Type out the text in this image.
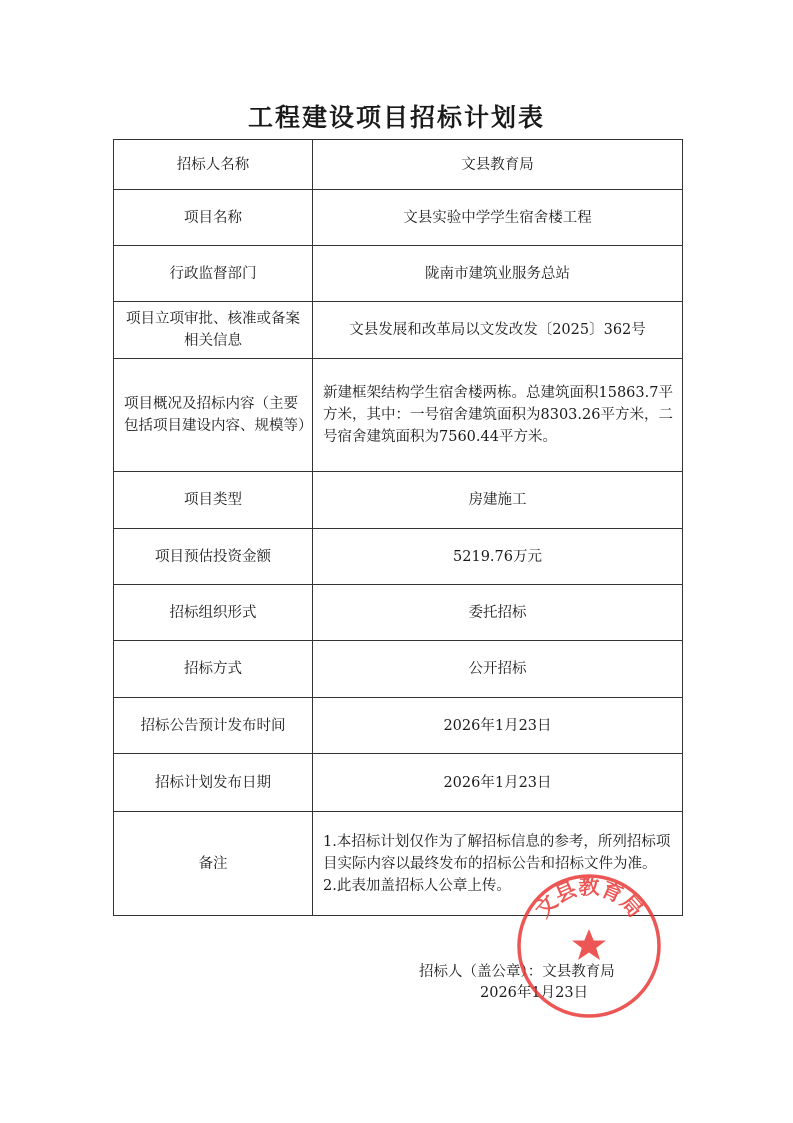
工程建设项目招标计划表
招标人名称	文县教育局
项目名称	文县实验中学学生宿舍楼工程
行政监督部门	陇南市建筑业服务总站
项目立项审批、核准或备案相关信息	文县发展和改革局以文发改发〔2025〕362号
项目概况及招标内容（主要包括项目建设内容、规模等）	新建框架结构学生宿舍楼两栋。总建筑面积15863.7平方米，其中：一号宿舍建筑面积为8303.26平方米，二号宿舍建筑面积为7560.44平方米。
项目类型	房建施工
项目预估投资金额	5219.76万元
招标组织形式	委托招标
招标方式	公开招标
招标公告预计发布时间	2026年1月23日
招标计划发布日期	2026年1月23日
备注	1.本招标计划仅作为了解招标信息的参考，所列招标项目实际内容以最终发布的招标公告和招标文件为准。
2.此表加盖招标人公章上传。
招标人（盖公章）：文县教育局
2026年1月23日
文县教育局
